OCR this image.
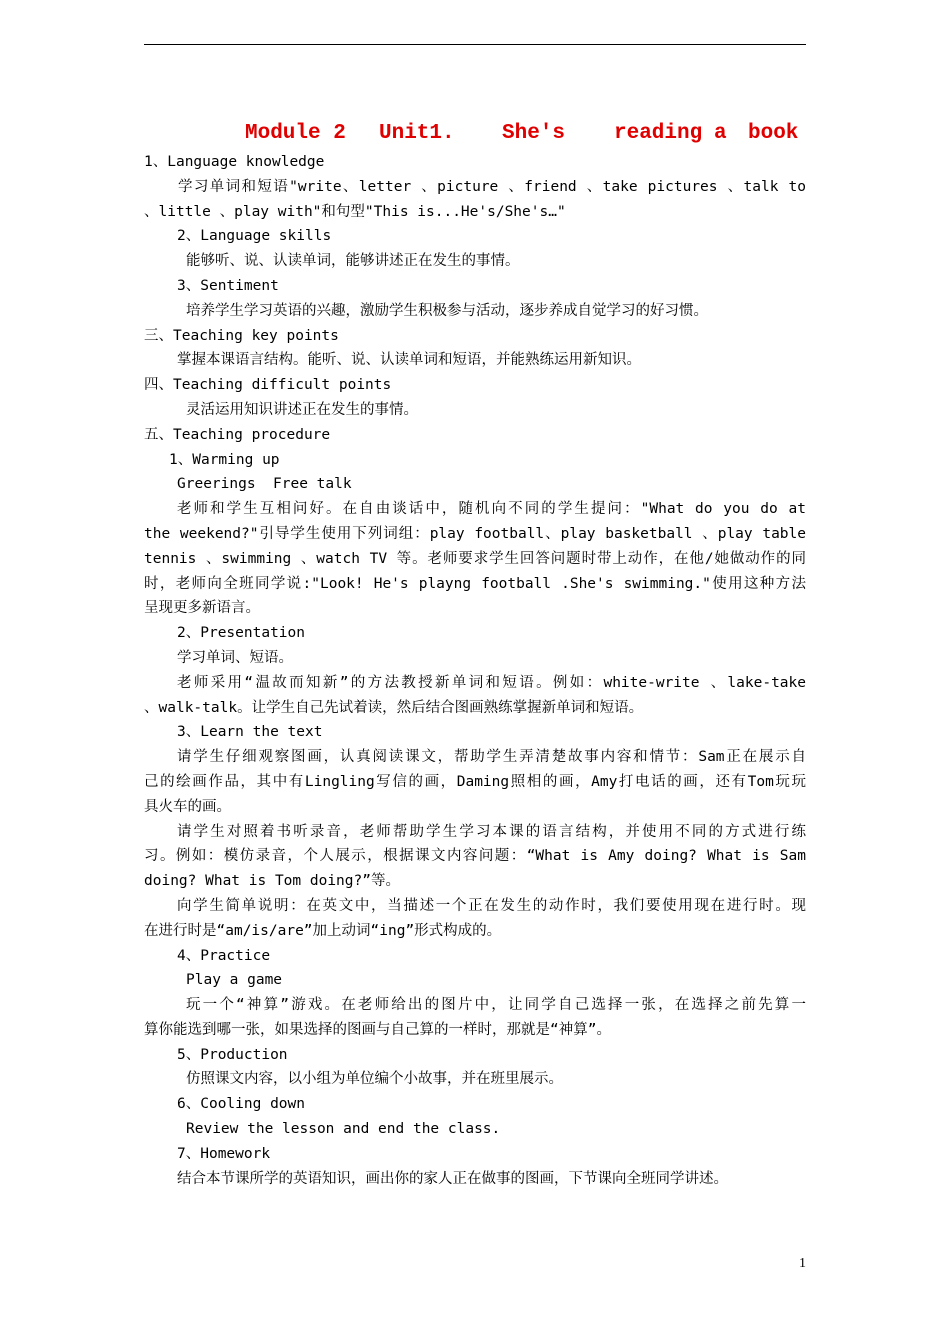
Module 2

Unit1.

She's

reading

a

book

1、Language knowledge
学习单词和短语"write、letter 、picture 、friend 、take pictures 、talk to
、little 、play with"和句型"This is...He's/She's…"
2、Language skills
能够听、说、认读单词，能够讲述正在发生的事情。
3、Sentiment
培养学生学习英语的兴趣，激励学生积极参与活动，逐步养成自觉学习的好习惯。
三、Teaching key points
掌握本课语言结构。能听、说、认读单词和短语，并能熟练运用新知识。
四、Teaching difficult points
灵活运用知识讲述正在发生的事情。
五、Teaching procedure
1、Warming up
Greerings  Free talk
老师和学生互相问好。在自由谈话中，随机向不同的学生提问："What do you do at
the weekend?"引导学生使用下列词组：play football、play basketball 、play table
tennis 、swimming 、watch TV 等。老师要求学生回答问题时带上动作，在他/她做动作的同
时，老师向全班同学说:"Look! He's playng football .She's swimming."使用这种方法
呈现更多新语言。
2、Presentation
学习单词、短语。
老师采用“温故而知新”的方法教授新单词和短语。例如：white-write 、lake-take
、walk-talk。让学生自己先试着读，然后结合图画熟练掌握新单词和短语。
3、Learn the text
请学生仔细观察图画，认真阅读课文，帮助学生弄清楚故事内容和情节：Sam正在展示自
己的绘画作品，其中有Lingling写信的画，Daming照相的画，Amy打电话的画，还有Tom玩玩
具火车的画。
请学生对照着书听录音，老师帮助学生学习本课的语言结构，并使用不同的方式进行练
习。例如：模仿录音，个人展示，根据课文内容问题：“What is Amy doing? What is Sam
doing? What is Tom doing?”等。
向学生简单说明：在英文中，当描述一个正在发生的动作时，我们要使用现在进行时。现
在进行时是“am/is/are”加上动词“ing”形式构成的。
4、Practice
Play a game
玩一个“神算”游戏。在老师给出的图片中，让同学自己选择一张，在选择之前先算一
算你能选到哪一张，如果选择的图画与自己算的一样时，那就是“神算”。
5、Production
仿照课文内容，以小组为单位编个小故事，并在班里展示。
6、Cooling down
Review the lesson and end the class.
7、Homework
结合本节课所学的英语知识，画出你的家人正在做事的图画，下节课向全班同学讲述。
1
